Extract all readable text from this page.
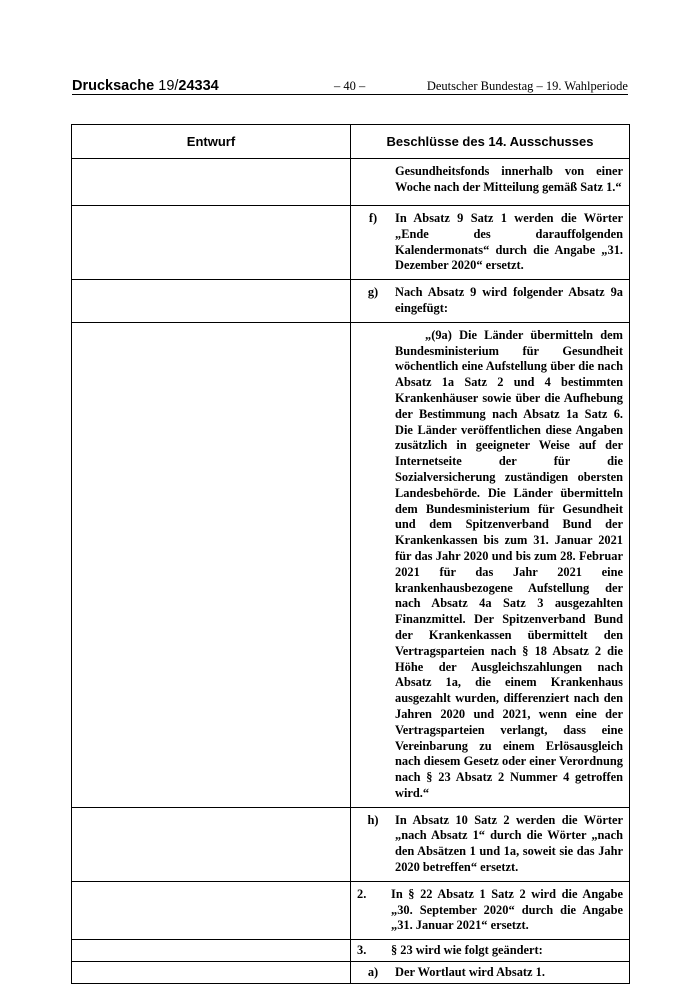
Drucksache 19/24334	– 40 –	Deutscher Bundestag – 19. Wahlperiode
Entwurf	Beschlüsse des 14. Ausschusses

	Gesundheitsfonds innerhalb von einer Woche nach der Mitteilung gemäß Satz 1.“

	f) In Absatz 9 Satz 1 werden die Wörter „Ende des darauffolgenden Kalendermonats“ durch die Angabe „31. Dezember 2020“ ersetzt.

	g) Nach Absatz 9 wird folgender Absatz 9a eingefügt:

	„(9a) Die Länder übermitteln dem Bundesministerium für Gesundheit wöchentlich eine Aufstellung über die nach Absatz 1a Satz 2 und 4 bestimmten Krankenhäuser sowie über die Aufhebung der Bestimmung nach Absatz 1a Satz 6. Die Länder veröffentlichen diese Angaben zusätzlich in geeigneter Weise auf der Internetseite der für die Sozialversicherung zuständigen obersten Landesbehörde. Die Länder übermitteln dem Bundesministerium für Gesundheit und dem Spitzenverband Bund der Krankenkassen bis zum 31. Januar 2021 für das Jahr 2020 und bis zum 28. Februar 2021 für das Jahr 2021 eine krankenhausbezogene Aufstellung der nach Absatz 4a Satz 3 ausgezahlten Finanzmittel. Der Spitzenverband Bund der Krankenkassen übermittelt den Vertragsparteien nach § 18 Absatz 2 die Höhe der Ausgleichszahlungen nach Absatz 1a, die einem Krankenhaus ausgezahlt wurden, differenziert nach den Jahren 2020 und 2021, wenn eine der Vertragsparteien verlangt, dass eine Vereinbarung zu einem Erlösausgleich nach diesem Gesetz oder einer Verordnung nach § 23 Absatz 2 Nummer 4 getroffen wird.“

	h) In Absatz 10 Satz 2 werden die Wörter „nach Absatz 1“ durch die Wörter „nach den Absätzen 1 und 1a, soweit sie das Jahr 2020 betreffen“ ersetzt.

	2. In § 22 Absatz 1 Satz 2 wird die Angabe „30. September 2020“ durch die Angabe „31. Januar 2021“ ersetzt.

	3. § 23 wird wie folgt geändert:

	a) Der Wortlaut wird Absatz 1.
